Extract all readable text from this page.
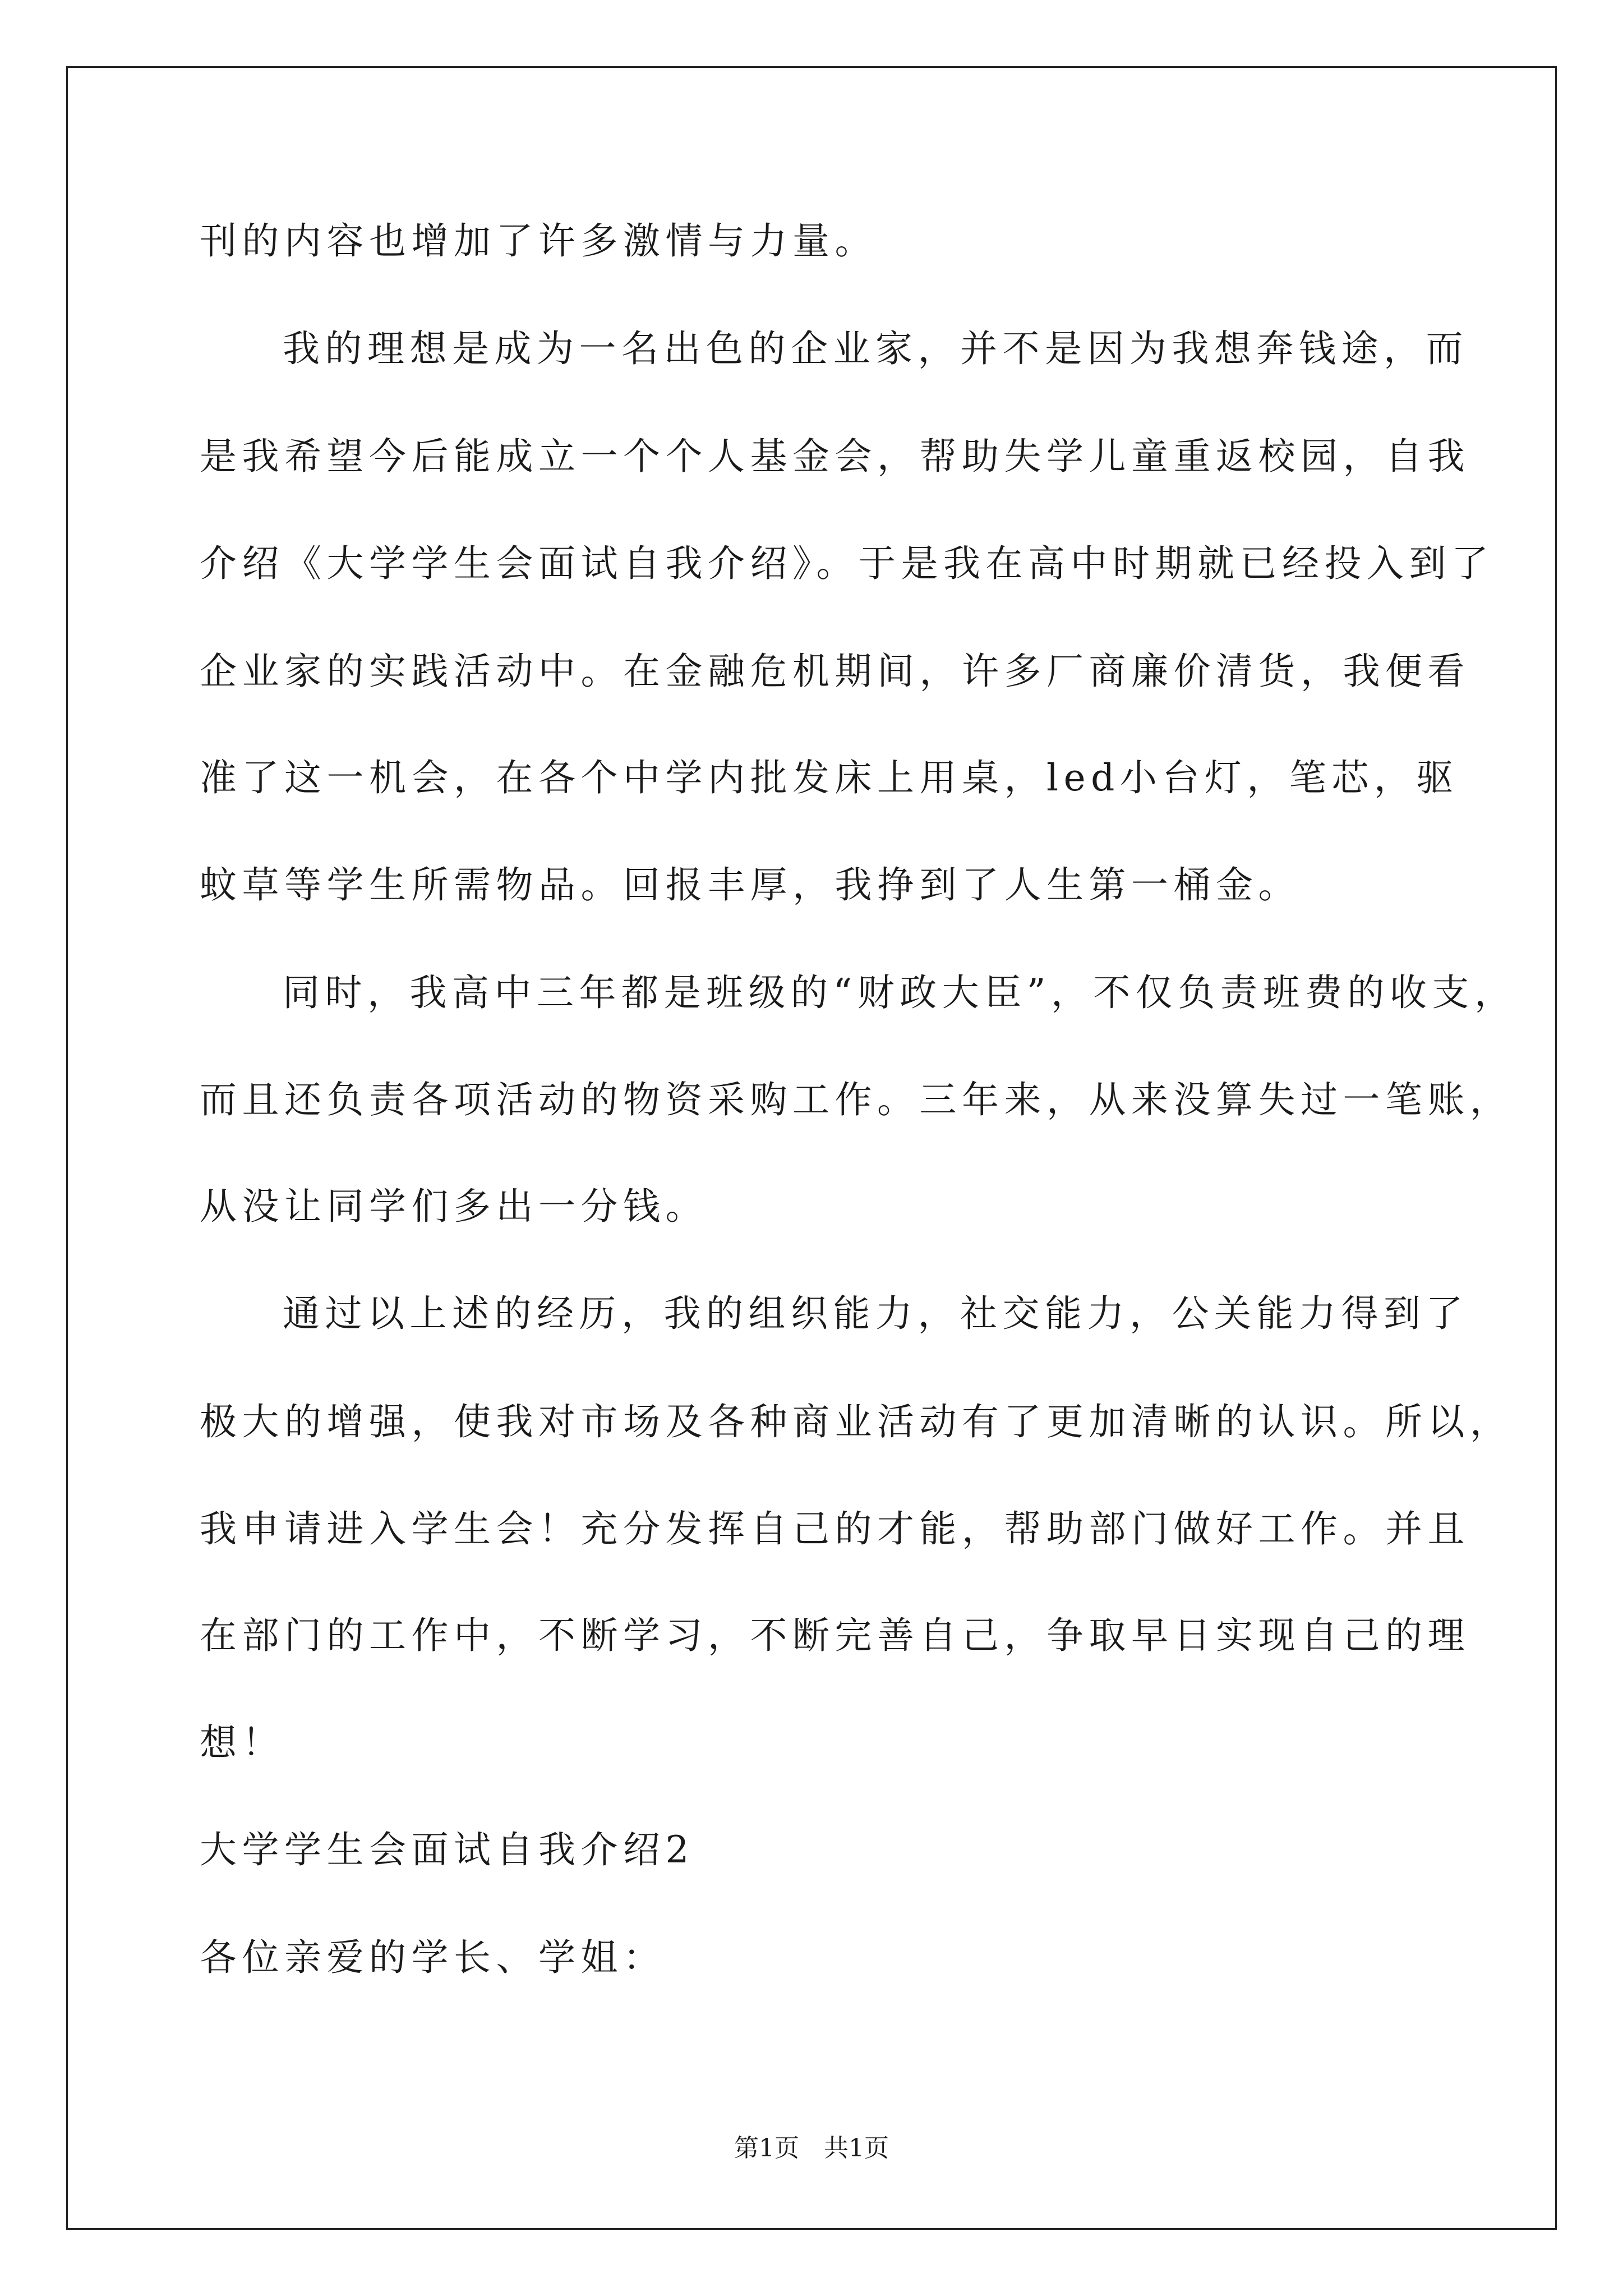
刊的内容也增加了许多激情与力量。
我的理想是成为一名出色的企业家，并不是因为我想奔钱途，而
是我希望今后能成立一个个人基金会，帮助失学儿童重返校园，自我
介绍《大学学生会面试自我介绍》。于是我在高中时期就已经投入到了
企业家的实践活动中。在金融危机期间，许多厂商廉价清货，我便看
准了这一机会，在各个中学内批发床上用桌，led小台灯，笔芯，驱
蚊草等学生所需物品。回报丰厚，我挣到了人生第一桶金。
同时，我高中三年都是班级的“财政大臣”，不仅负责班费的收支，
而且还负责各项活动的物资采购工作。三年来，从来没算失过一笔账，
从没让同学们多出一分钱。
通过以上述的经历，我的组织能力，社交能力，公关能力得到了
极大的增强，使我对市场及各种商业活动有了更加清晰的认识。所以，
我申请进入学生会！充分发挥自己的才能，帮助部门做好工作。并且
在部门的工作中，不断学习，不断完善自己，争取早日实现自己的理
想！
大学学生会面试自我介绍2
各位亲爱的学长、学姐：
第1页　共1页
